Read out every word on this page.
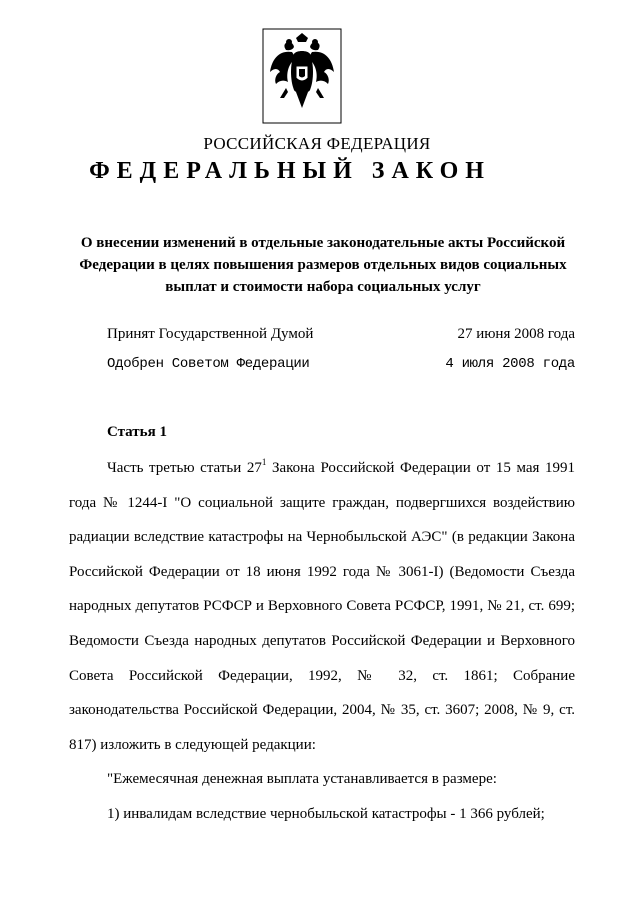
РОССИЙСКАЯ ФЕДЕРАЦИЯ
ФЕДЕРАЛЬНЫЙ ЗАКОН
О внесении изменений в отдельные законодательные акты Российской Федерации в целях повышения размеров отдельных видов социальных выплат и стоимости набора социальных услуг
Принят Государственной Думой	27 июня 2008 года
Одобрен Советом Федерации	4 июля 2008 года
Статья 1

Часть третью статьи $27^1$ Закона Российской Федерации от 15 мая 1991 года № 1244-I "О социальной защите граждан, подвергшихся воздействию радиации вследствие катастрофы на Чернобыльской АЭС" (в редакции Закона Российской Федерации от 18 июня 1992 года № 3061-I) (Ведомости Съезда народных депутатов РСФСР и Верховного Совета РСФСР, 1991, № 21, ст. 699; Ведомости Съезда народных депутатов Российской Федерации и Верховного Совета Российской Федерации, 1992, № 32, ст. 1861; Собрание законодательства Российской Федерации, 2004, № 35, ст. 3607; 2008, № 9, ст. 817) изложить в следующей редакции:

"Ежемесячная денежная выплата устанавливается в размере:

1) инвалидам вследствие чернобыльской катастрофы - 1 366 рублей;
